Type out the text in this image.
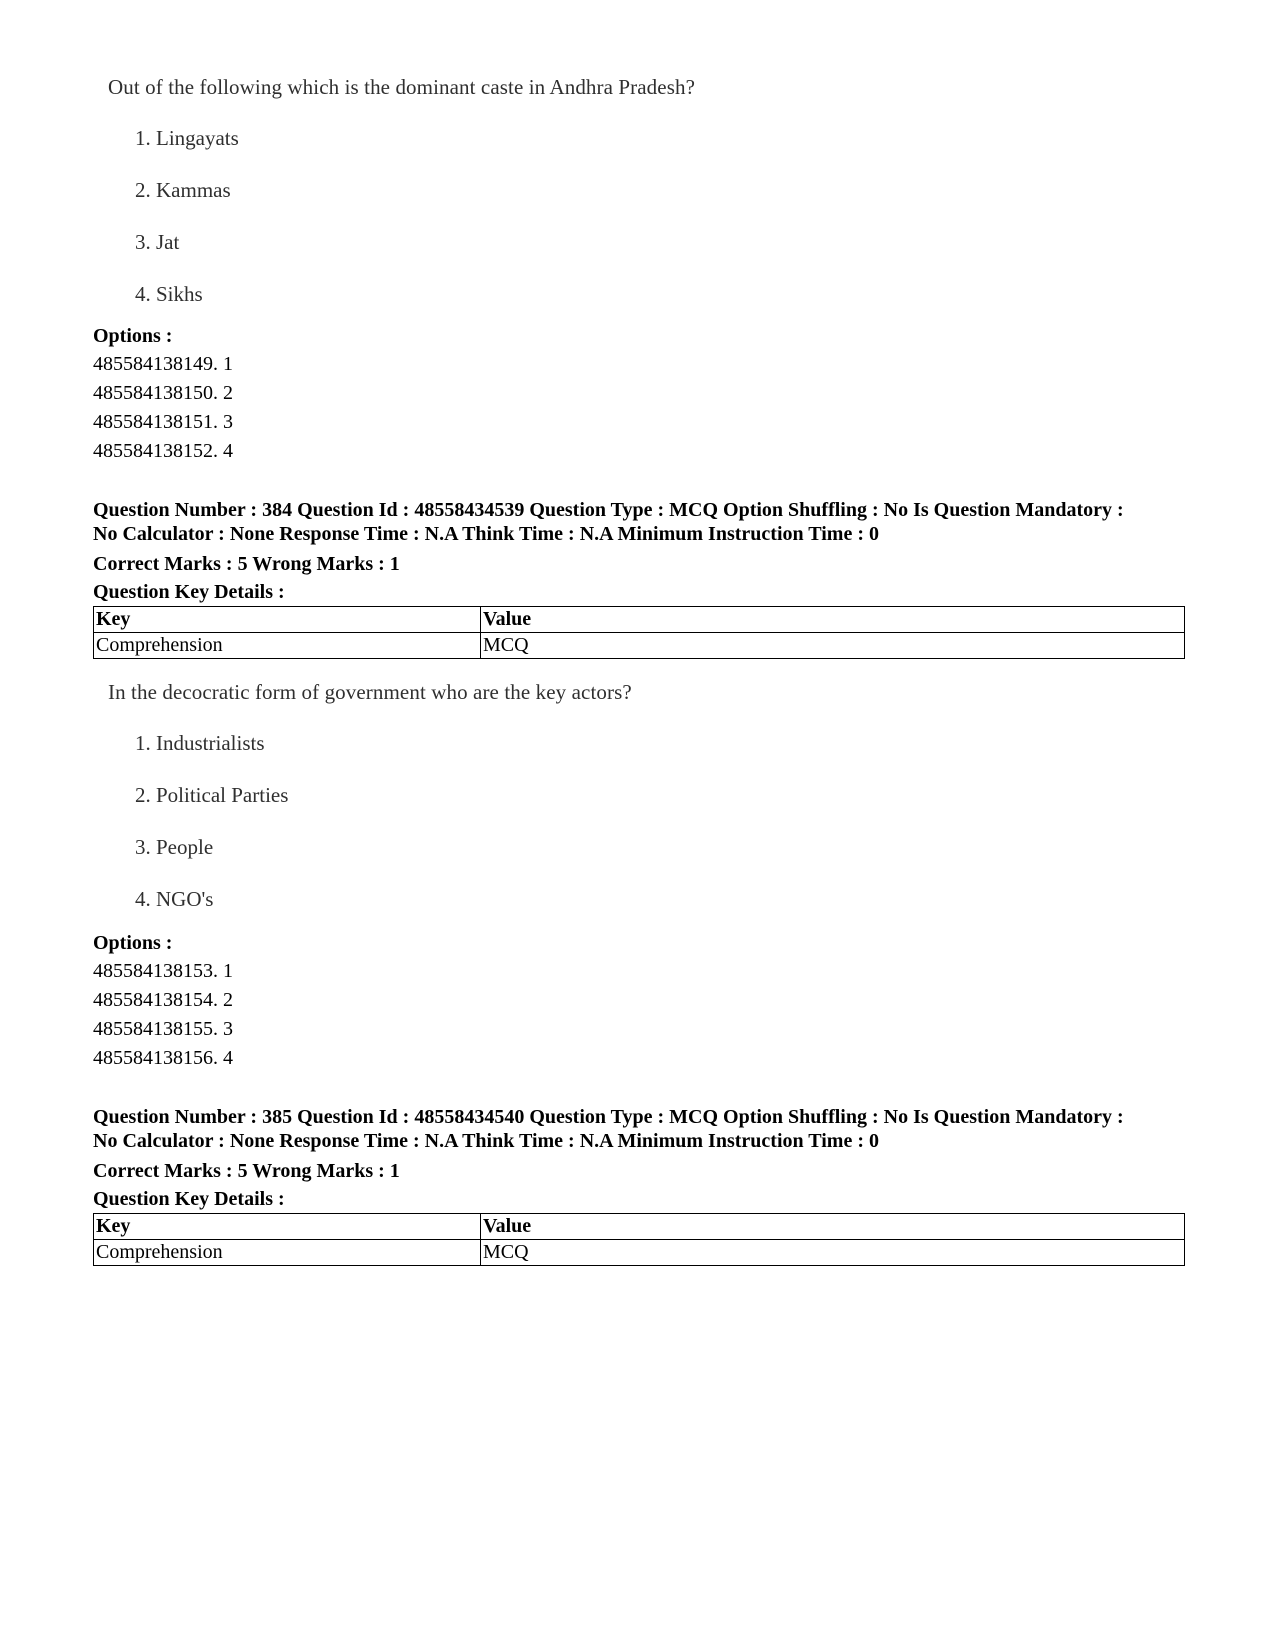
Out of the following which is the dominant caste in Andhra Pradesh?
1. Lingayats
2. Kammas
3. Jat
4. Sikhs
Options :
485584138149. 1
485584138150. 2
485584138151. 3
485584138152. 4
Question Number : 384 Question Id : 48558434539 Question Type : MCQ Option Shuffling : No Is Question Mandatory :
No Calculator : None Response Time : N.A Think Time : N.A Minimum Instruction Time : 0
Correct Marks : 5 Wrong Marks : 1
Question Key Details :
Key	Value
Comprehension	MCQ
In the decocratic form of government who are the key actors?
1. Industrialists
2. Political Parties
3. People
4. NGO's
Options :
485584138153. 1
485584138154. 2
485584138155. 3
485584138156. 4
Question Number : 385 Question Id : 48558434540 Question Type : MCQ Option Shuffling : No Is Question Mandatory :
No Calculator : None Response Time : N.A Think Time : N.A Minimum Instruction Time : 0
Correct Marks : 5 Wrong Marks : 1
Question Key Details :
Key	Value
Comprehension	MCQ
